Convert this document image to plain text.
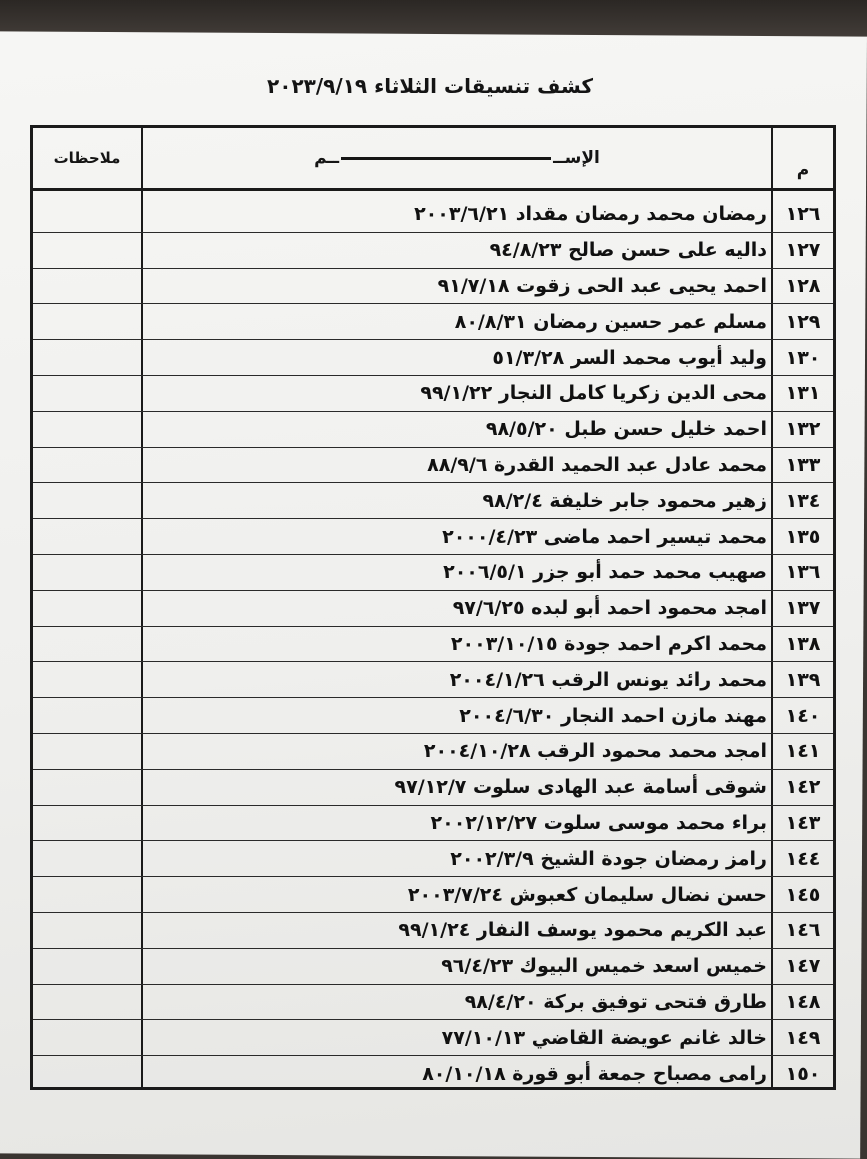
كشف تنسيقات الثلاثاء ٢٠٢٣/٩/١٩
ملاحظات	الإســ
ــم
م
رمضان محمد رمضان مقداد ٢٠٠٣/٦/٢١ ١٢٦
داليه على حسن صالح ٩٤/٨/٢٣ ١٢٧
احمد يحيى عبد الحى زقوت ٩١/٧/١٨ ١٢٨
مسلم عمر حسين رمضان ٨٠/٨/٣١ ١٢٩
وليد أيوب محمد السر ٥١/٣/٢٨ ١٣٠
محى الدين زكريا كامل النجار ٩٩/١/٢٢ ١٣١
احمد خليل حسن طبل ٩٨/٥/٢٠ ١٣٢
محمد عادل عبد الحميد القدرة ٨٨/٩/٦ ١٣٣
زهير محمود جابر خليفة ٩٨/٢/٤ ١٣٤
محمد تيسير احمد ماضى ٢٠٠٠/٤/٢٣ ١٣٥
صهيب محمد حمد أبو جزر ٢٠٠٦/٥/١ ١٣٦
امجد محمود احمد أبو لبده ٩٧/٦/٢٥ ١٣٧
محمد اكرم احمد جودة ٢٠٠٣/١٠/١٥ ١٣٨
محمد رائد يونس الرقب ٢٠٠٤/١/٢٦ ١٣٩
مهند مازن احمد النجار ٢٠٠٤/٦/٣٠ ١٤٠
امجد محمد محمود الرقب ٢٠٠٤/١٠/٢٨ ١٤١
شوقى أسامة عبد الهادى سلوت ٩٧/١٢/٧ ١٤٢
براء محمد موسى سلوت ٢٠٠٢/١٢/٢٧ ١٤٣
رامز رمضان جودة الشيخ ٢٠٠٢/٣/٩ ١٤٤
حسن نضال سليمان كعبوش ٢٠٠٣/٧/٢٤ ١٤٥
عبد الكريم محمود يوسف النفار ٩٩/١/٢٤ ١٤٦
خميس اسعد خميس البيوك ٩٦/٤/٢٣ ١٤٧
طارق فتحى توفيق بركة ٩٨/٤/٢٠ ١٤٨
خالد غانم عويضة القاضي ٧٧/١٠/١٣ ١٤٩
رامى مصباح جمعة أبو قورة ٨٠/١٠/١٨ ١٥٠
